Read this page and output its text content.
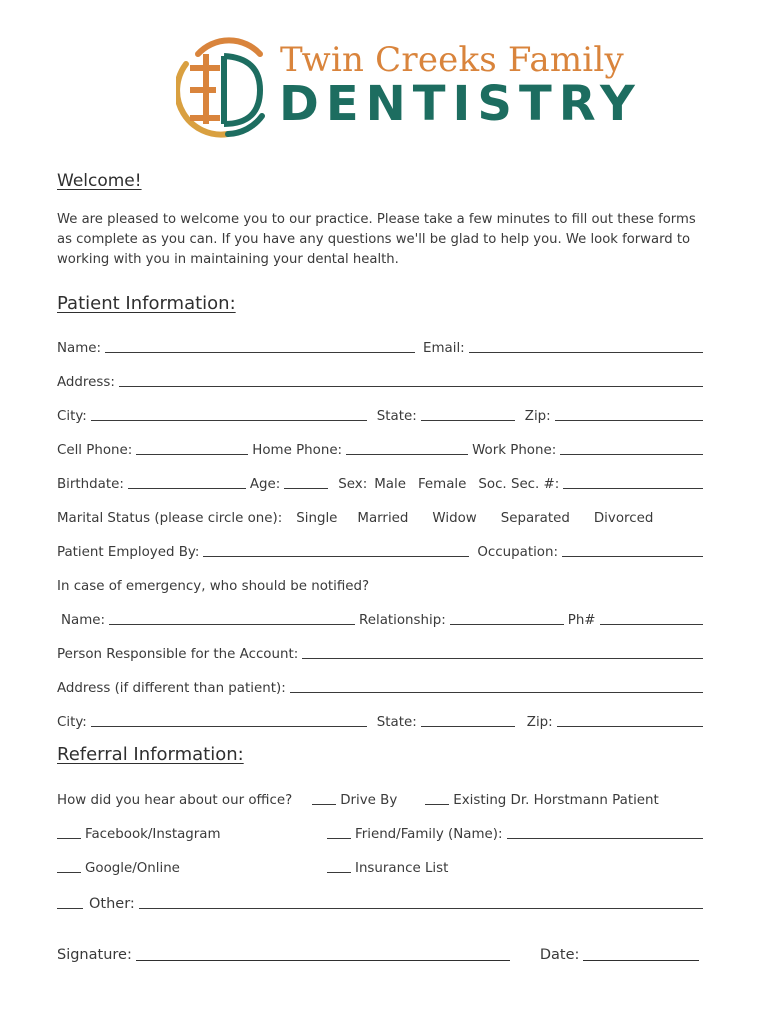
Twin Creeks Family
DENTISTRY
Welcome!
We are pleased to welcome you to our practice. Please take a few minutes to fill out these forms as complete as you can. If you have any questions we'll be glad to help you. We look forward to working with you in maintaining your dental health.
Patient Information:
Name:	Email:
Address:
City:	State:	Zip:
Cell Phone:	Home Phone:	Work Phone:
Birthdate:	Age:	Sex: Male Female Soc. Sec. #:
Marital Status (please circle one): Single Married Widow Separated Divorced
Patient Employed By:	Occupation:
In case of emergency, who should be notified?
Name:	Relationship:	Ph#
Person Responsible for the Account:
Address (if different than patient):
City:	State:	Zip:
Referral Information:
How did you hear about our office?	Drive By	Existing Dr. Horstmann Patient
Facebook/Instagram	Friend/Family (Name):
Google/Online	Insurance List
Other:
Signature:	Date:
